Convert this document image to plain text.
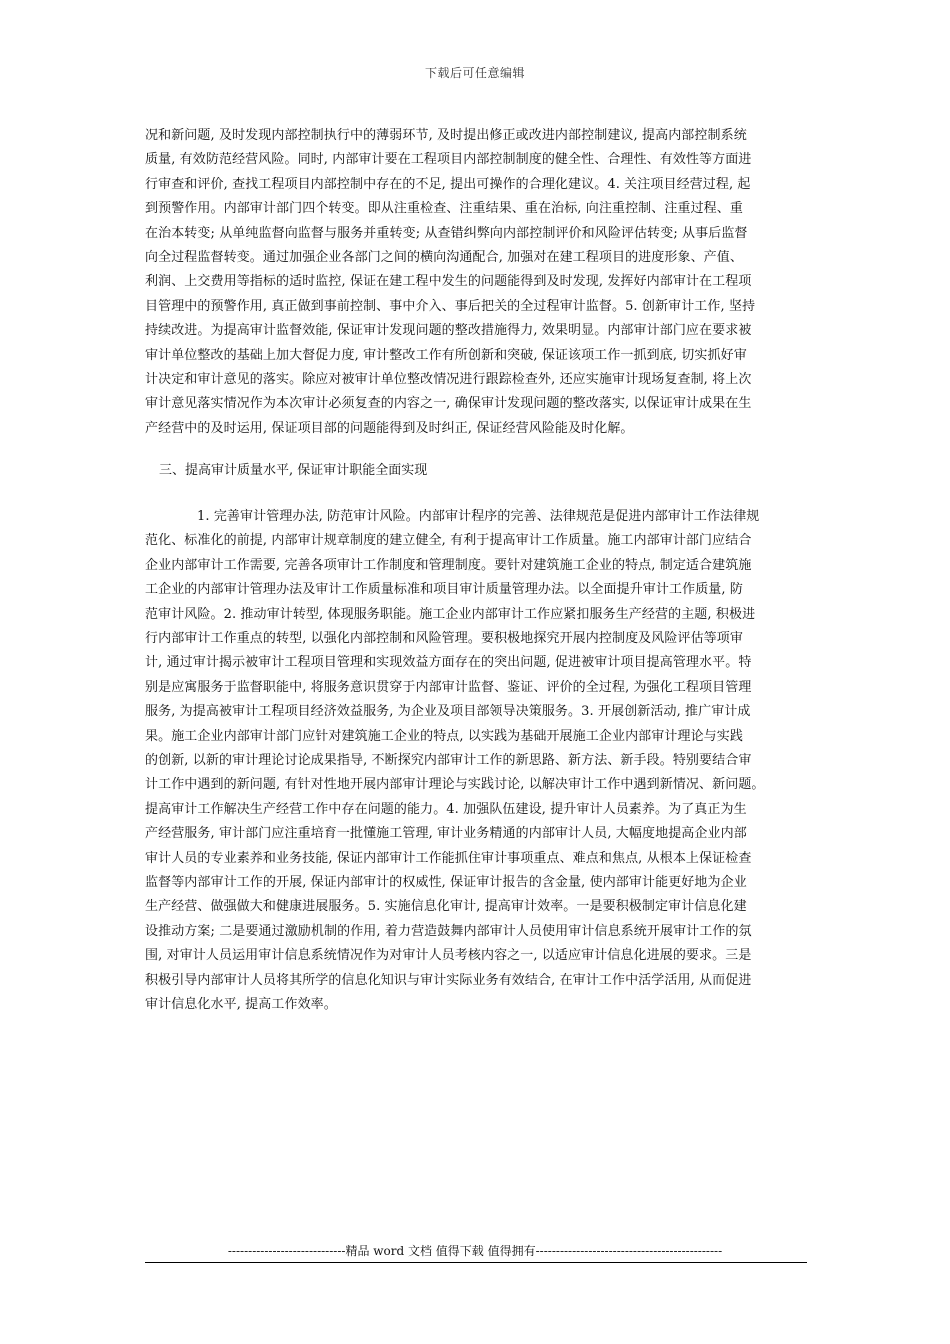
下载后可任意编辑
况和新问题, 及时发现内部控制执行中的薄弱环节, 及时提出修正或改进内部控制建议, 提高内部控制系统
质量, 有效防范经营风险。同时, 内部审计要在工程项目内部控制制度的健全性、合理性、有效性等方面进
行审查和评价, 查找工程项目内部控制中存在的不足, 提出可操作的合理化建议。4. 关注项目经营过程, 起
到预警作用。内部审计部门四个转变。即从注重检查、注重结果、重在治标, 向注重控制、注重过程、重
在治本转变; 从单纯监督向监督与服务并重转变; 从查错纠弊向内部控制评价和风险评估转变; 从事后监督
向全过程监督转变。通过加强企业各部门之间的横向沟通配合, 加强对在建工程项目的进度形象、产值、
利润、上交费用等指标的适时监控, 保证在建工程中发生的问题能得到及时发现, 发挥好内部审计在工程项
目管理中的预警作用, 真正做到事前控制、事中介入、事后把关的全过程审计监督。5. 创新审计工作, 坚持
持续改进。为提高审计监督效能, 保证审计发现问题的整改措施得力, 效果明显。内部审计部门应在要求被
审计单位整改的基础上加大督促力度, 审计整改工作有所创新和突破, 保证该项工作一抓到底, 切实抓好审
计决定和审计意见的落实。除应对被审计单位整改情况进行跟踪检查外, 还应实施审计现场复查制, 将上次
审计意见落实情况作为本次审计必须复查的内容之一, 确保审计发现问题的整改落实, 以保证审计成果在生
产经营中的及时运用, 保证项目部的问题能得到及时纠正, 保证经营风险能及时化解。
三、提高审计质量水平, 保证审计职能全面实现
1. 完善审计管理办法, 防范审计风险。内部审计程序的完善、法律规范是促进内部审计工作法律规
范化、标准化的前提, 内部审计规章制度的建立健全, 有利于提高审计工作质量。施工内部审计部门应结合
企业内部审计工作需要, 完善各项审计工作制度和管理制度。要针对建筑施工企业的特点, 制定适合建筑施
工企业的内部审计管理办法及审计工作质量标准和项目审计质量管理办法。以全面提升审计工作质量, 防
范审计风险。2. 推动审计转型, 体现服务职能。施工企业内部审计工作应紧扣服务生产经营的主题, 积极进
行内部审计工作重点的转型, 以强化内部控制和风险管理。要积极地探究开展内控制度及风险评估等项审
计, 通过审计揭示被审计工程项目管理和实现效益方面存在的突出问题, 促进被审计项目提高管理水平。特
别是应寓服务于监督职能中, 将服务意识贯穿于内部审计监督、鉴证、评价的全过程, 为强化工程项目管理
服务, 为提高被审计工程项目经济效益服务, 为企业及项目部领导决策服务。3. 开展创新活动, 推广审计成
果。施工企业内部审计部门应针对建筑施工企业的特点, 以实践为基础开展施工企业内部审计理论与实践
的创新, 以新的审计理论讨论成果指导, 不断探究内部审计工作的新思路、新方法、新手段。特别要结合审
计工作中遇到的新问题, 有针对性地开展内部审计理论与实践讨论, 以解决审计工作中遇到新情况、新问题。
提高审计工作解决生产经营工作中存在问题的能力。4. 加强队伍建设, 提升审计人员素养。为了真正为生
产经营服务, 审计部门应注重培育一批懂施工管理, 审计业务精通的内部审计人员, 大幅度地提高企业内部
审计人员的专业素养和业务技能, 保证内部审计工作能抓住审计事项重点、难点和焦点, 从根本上保证检查
监督等内部审计工作的开展, 保证内部审计的权威性, 保证审计报告的含金量, 使内部审计能更好地为企业
生产经营、做强做大和健康进展服务。5. 实施信息化审计, 提高审计效率。一是要积极制定审计信息化建
设推动方案; 二是要通过激励机制的作用, 着力营造鼓舞内部审计人员使用审计信息系统开展审计工作的氛
围, 对审计人员运用审计信息系统情况作为对审计人员考核内容之一, 以适应审计信息化进展的要求。三是
积极引导内部审计人员将其所学的信息化知识与审计实际业务有效结合, 在审计工作中活学活用, 从而促进
审计信息化水平, 提高工作效率。
-----------------------------精品 word 文档 值得下载 值得拥有----------------------------------------------
